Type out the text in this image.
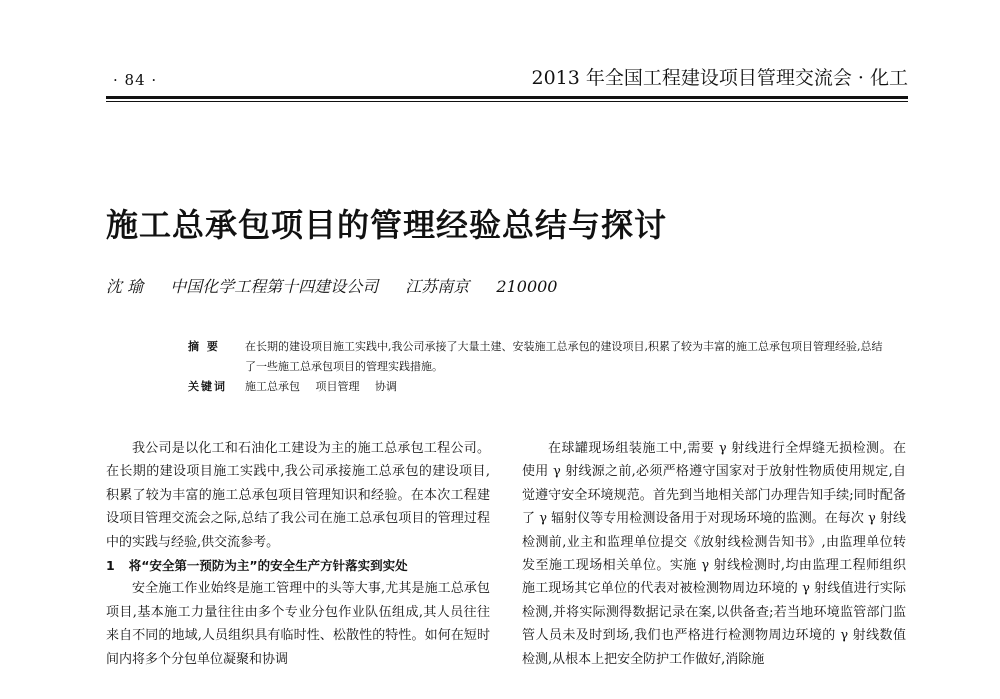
· 84 ·	2013 年全国工程建设项目管理交流会 · 化工
施工总承包项目的管理经验总结与探讨
沈 瑜 中国化学工程第十四建设公司 江苏南京 210000
摘 要	在长期的建设项目施工实践中,我公司承接了大量土建、安装施工总承包的建设项目,积累了较为丰富的施工总承包项目管理经验,总结了一些施工总承包项目的管理实践措施。
关键词	施工总承包 项目管理 协调

我公司是以化工和石油化工建设为主的施工总承包工程公司。在长期的建设项目施工实践中,我公司承接施工总承包的建设项目,积累了较为丰富的施工总承包项目管理知识和经验。在本次工程建设项目管理交流会之际,总结了我公司在施工总承包项目的管理过程中的实践与经验,供交流参考。

1 将“安全第一预防为主”的安全生产方针落实到实处

安全施工作业始终是施工管理中的头等大事,尤其是施工总承包项目,基本施工力量往往由多个专业分包作业队伍组成,其人员往往来自不同的地域,人员组织具有临时性、松散性的特性。如何在短时间内将多个分包单位凝聚和协调

在球罐现场组装施工中,需要 γ 射线进行全焊缝无损检测。在使用 γ 射线源之前,必须严格遵守国家对于放射性物质使用规定,自觉遵守安全环境规范。首先到当地相关部门办理告知手续;同时配备了 γ 辐射仪等专用检测设备用于对现场环境的监测。在每次 γ 射线检测前,业主和监理单位提交《放射线检测告知书》,由监理单位转发至施工现场相关单位。实施 γ 射线检测时,均由监理工程师组织施工现场其它单位的代表对被检测物周边环境的 γ 射线值进行实际检测,并将实际测得数据记录在案,以供备查;若当地环境监管部门监管人员未及时到场,我们也严格进行检测物周边环境的 γ 射线数值检测,从根本上把安全防护工作做好,消除施
